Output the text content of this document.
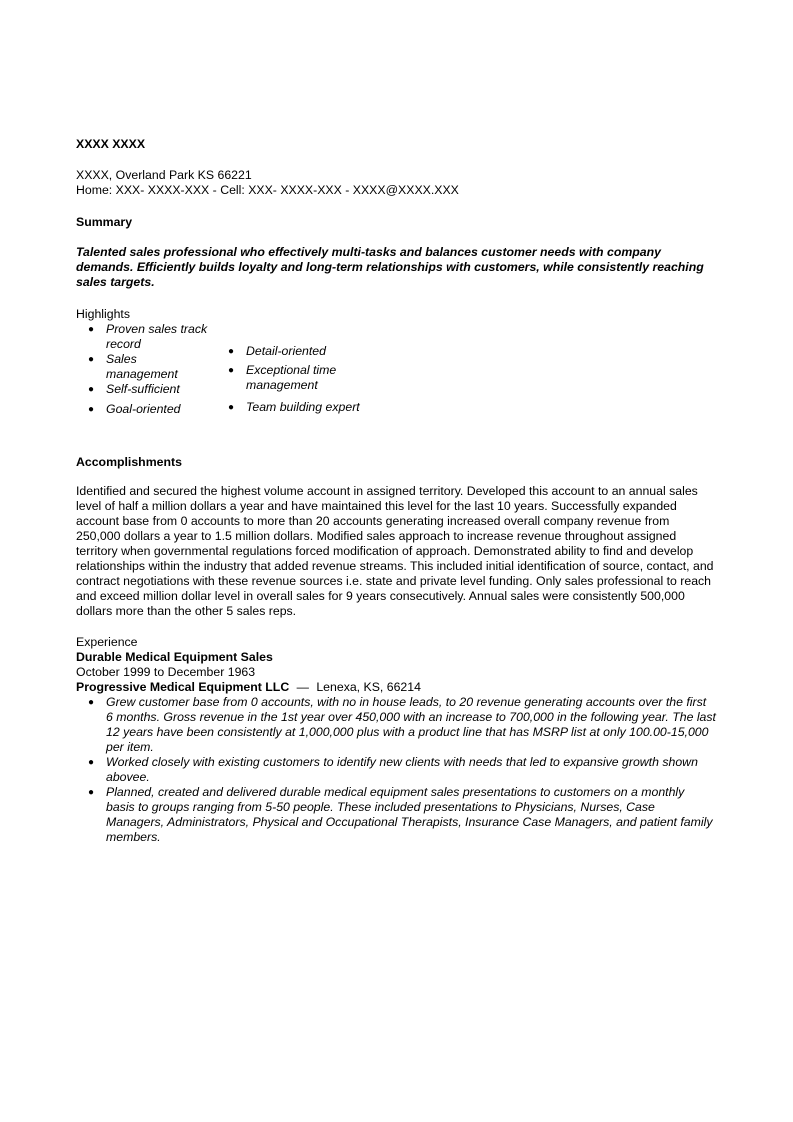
XXXX XXXX
XXXX, Overland Park KS 66221
Home: XXX- XXXX-XXX - Cell: XXX- XXXX-XXX - XXXX@XXXX.XXX
Summary
Talented sales professional who effectively multi-tasks and balances customer needs with company demands. Efficiently builds loyalty and long-term relationships with customers, while consistently reaching sales targets.
Highlights
● Proven sales track record
● Sales management
● Self-sufficient
● Goal-oriented
● Detail-oriented
● Exceptional time management
● Team building expert
Accomplishments
Identified and secured the highest volume account in assigned territory. Developed this account to an annual sales level of half a million dollars a year and have maintained this level for the last 10 years. Successfully expanded account base from 0 accounts to more than 20 accounts generating increased overall company revenue from 250,000 dollars a year to 1.5 million dollars. Modified sales approach to increase revenue throughout assigned territory when governmental regulations forced modification of approach. Demonstrated ability to find and develop relationships within the industry that added revenue streams. This included initial identification of source, contact, and contract negotiations with these revenue sources i.e. state and private level funding. Only sales professional to reach and exceed million dollar level in overall sales for 9 years consecutively. Annual sales were consistently 500,000 dollars more than the other 5 sales reps.
Experience
Durable Medical Equipment Sales
October 1999 to December 1963
Progressive Medical Equipment LLC — Lenexa, KS, 66214
● Grew customer base from 0 accounts, with no in house leads, to 20 revenue generating accounts over the first 6 months. Gross revenue in the 1st year over 450,000 with an increase to 700,000 in the following year. The last 12 years have been consistently at 1,000,000 plus with a product line that has MSRP list at only 100.00-15,000 per item.
● Worked closely with existing customers to identify new clients with needs that led to expansive growth shown abovee.
● Planned, created and delivered durable medical equipment sales presentations to customers on a monthly basis to groups ranging from 5-50 people. These included presentations to Physicians, Nurses, Case Managers, Administrators, Physical and Occupational Therapists, Insurance Case Managers, and patient family members.
